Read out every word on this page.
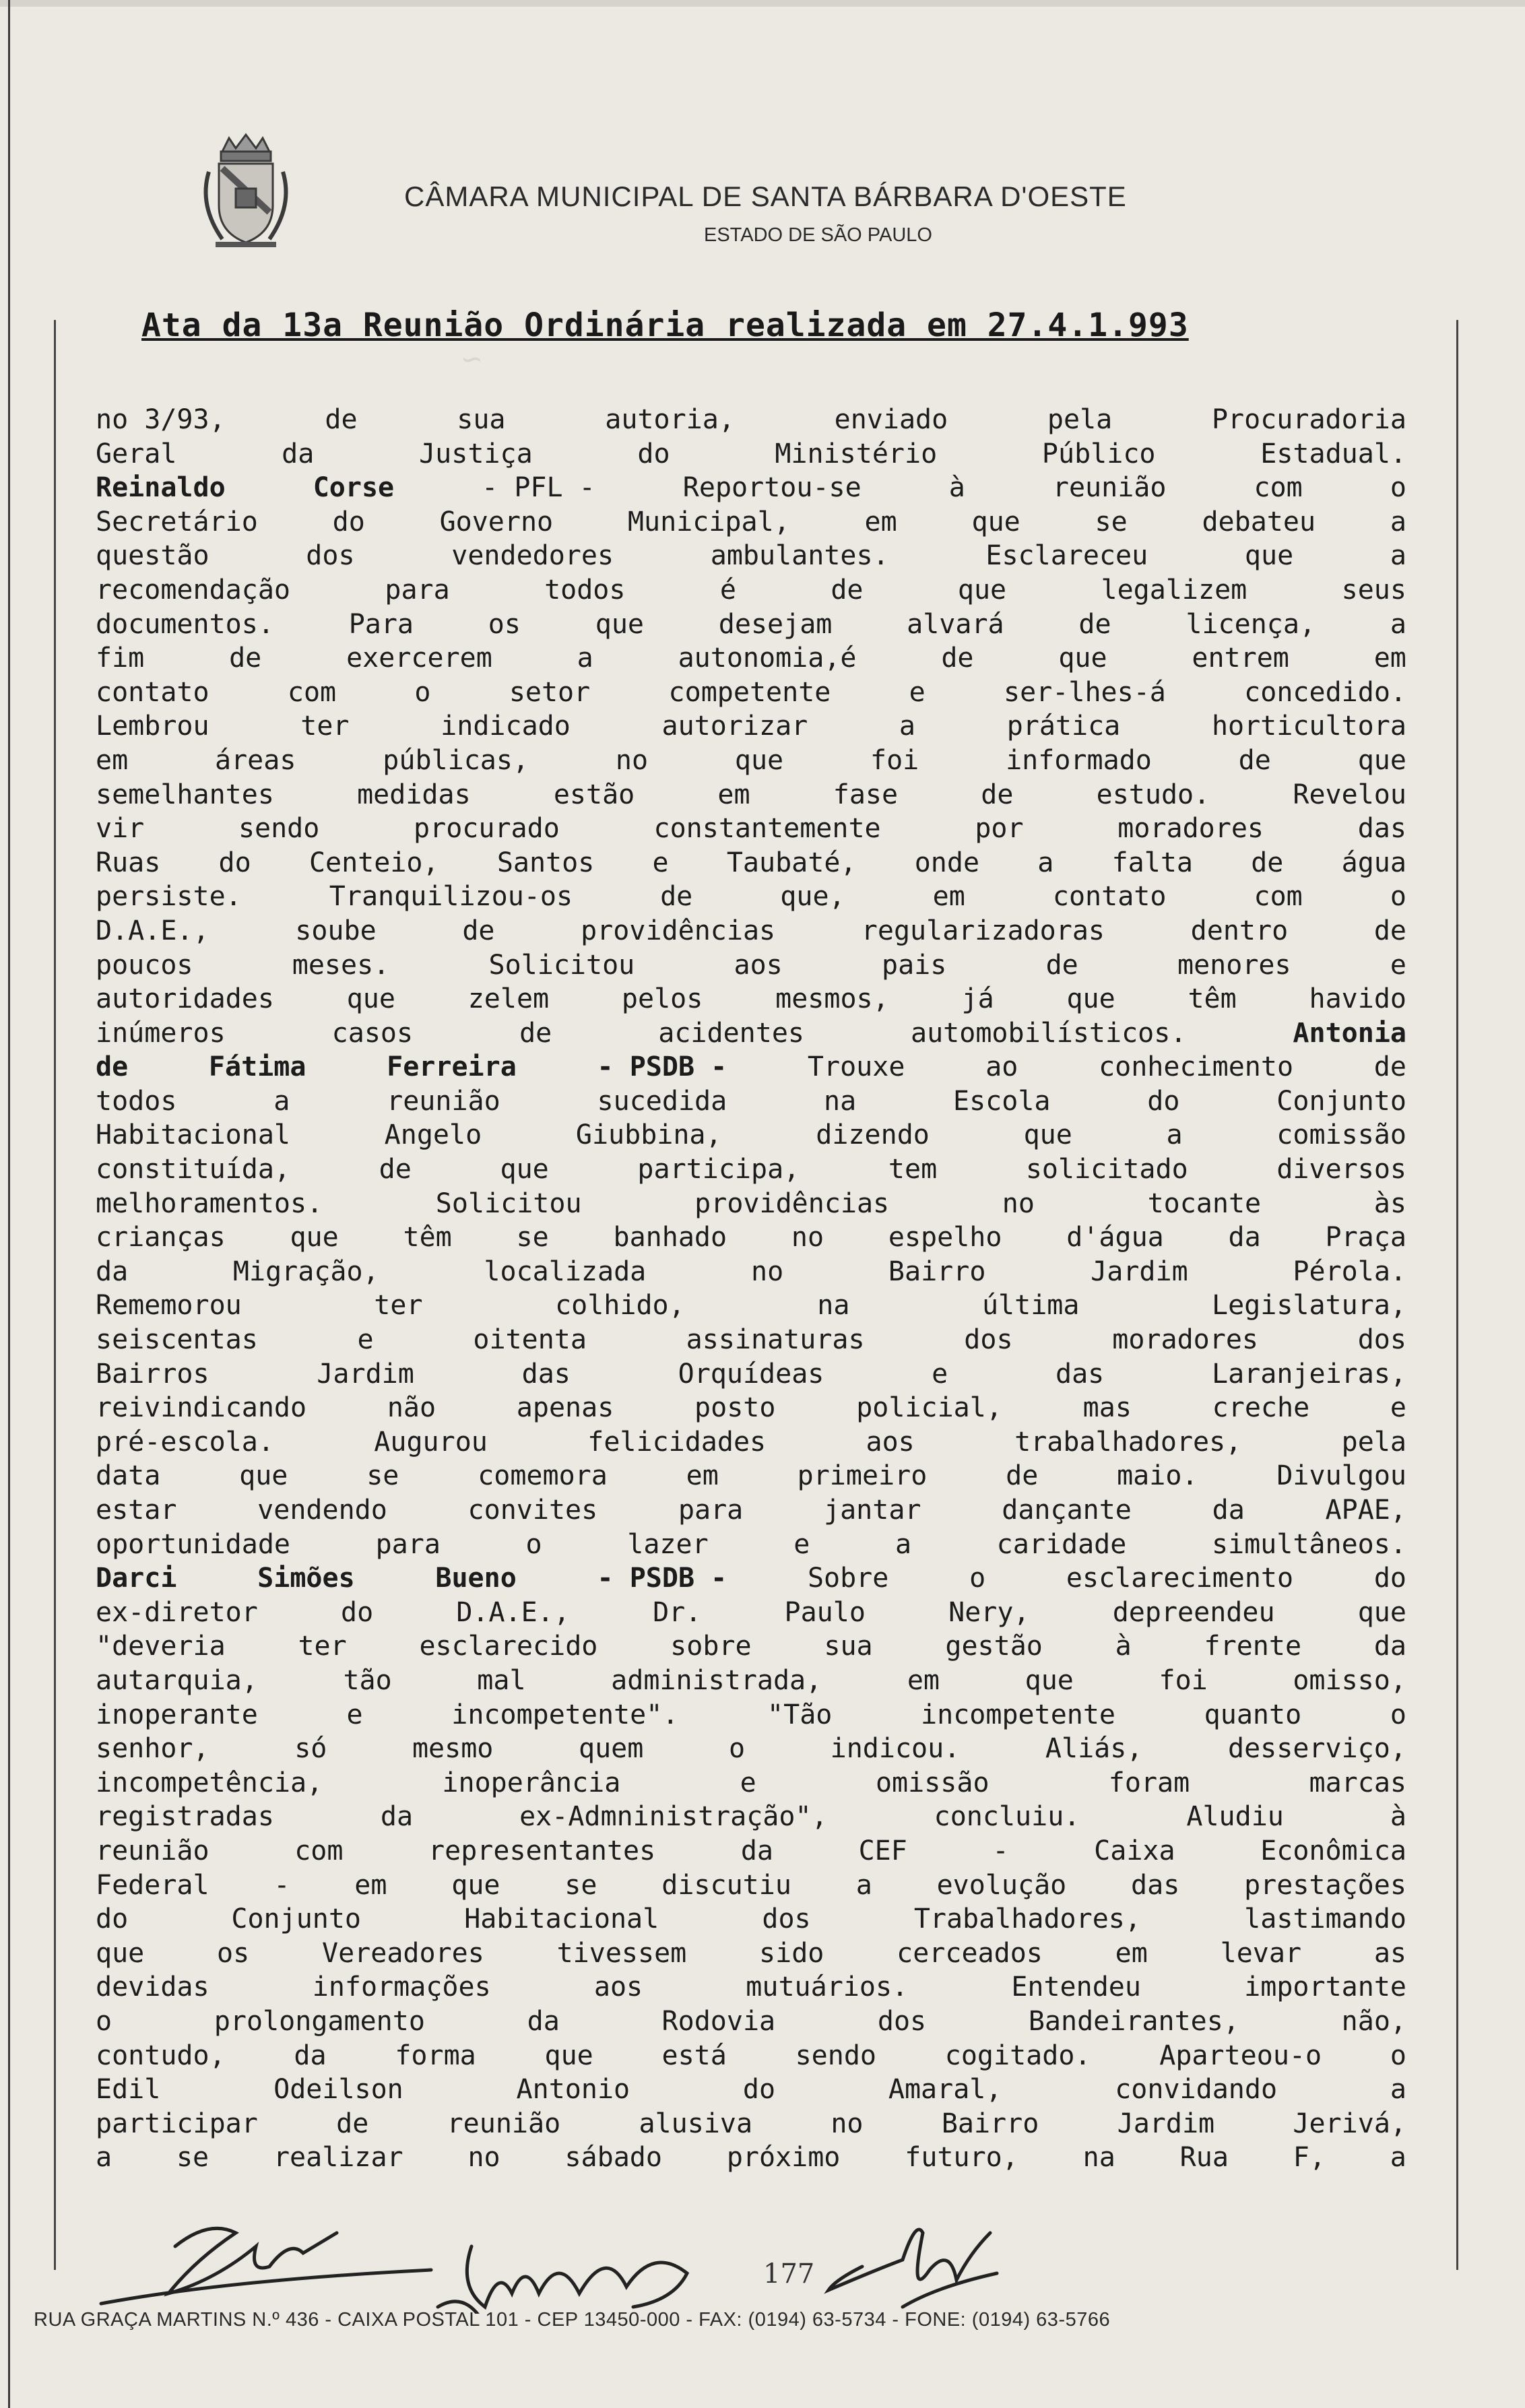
CÂMARA MUNICIPAL DE SANTA BÁRBARA D'OESTE
ESTADO DE SÃO PAULO
~
Ata da 13a Reunião Ordinária realizada em 27.4.1.993
no 3/93,	de	sua	autoria,	enviado	pela	Procuradoria
Geral	da	Justiça	do	Ministério	Público	Estadual.
Reinaldo	Corse	- PFL -	Reportou-se	à	reunião	com	o
Secretário	do	Governo	Municipal,	em	que	se	debateu	a
questão	dos	vendedores	ambulantes.	Esclareceu	que	a
recomendação	para	todos	é	de	que	legalizem	seus
documentos.	Para	os	que	desejam	alvará	de	licença,	a
fim	de	exercerem	a	autonomia,é	de	que	entrem	em
contato	com	o	setor	competente	e	ser-lhes-á	concedido.
Lembrou	ter	indicado	autorizar	a	prática	horticultora
em	áreas	públicas,	no	que	foi	informado	de	que
semelhantes	medidas	estão	em	fase	de	estudo.	Revelou
vir	sendo	procurado	constantemente	por	moradores	das
Ruas do Centeio, Santos e Taubaté, onde a falta de água
persiste.	Tranquilizou-os	de	que,	em	contato	com	o
D.A.E.,	soube	de	providências	regularizadoras	dentro	de
poucos	meses.	Solicitou	aos	pais	de	menores	e
autoridades	que	zelem	pelos	mesmos,	já	que	têm	havido
inúmeros	casos	de	acidentes	automobilísticos.	Antonia
de	Fátima	Ferreira	- PSDB -	Trouxe	ao	conhecimento	de
todos	a	reunião	sucedida	na	Escola	do	Conjunto
Habitacional	Angelo	Giubbina,	dizendo	que	a	comissão
constituída,	de	que	participa,	tem	solicitado	diversos
melhoramentos.	Solicitou	providências	no	tocante	às
crianças que têm se banhado no espelho d'água da Praça
da	Migração,	localizada	no	Bairro	Jardim	Pérola.
Rememorou	ter	colhido,	na	última	Legislatura,
seiscentas	e	oitenta	assinaturas	dos	moradores	dos
Bairros	Jardim	das	Orquídeas	e	das	Laranjeiras,
reivindicando	não	apenas	posto	policial,	mas	creche	e
pré-escola.	Augurou	felicidades	aos	trabalhadores,	pela
data	que	se	comemora	em	primeiro	de	maio.	Divulgou
estar	vendendo	convites	para	jantar	dançante	da	APAE,
oportunidade	para	o	lazer	e	a	caridade	simultâneos.
Darci	Simões	Bueno	- PSDB -	Sobre	o	esclarecimento	do
ex-diretor	do	D.A.E.,	Dr.	Paulo	Nery,	depreendeu	que
"deveria	ter	esclarecido	sobre	sua	gestão	à	frente	da
autarquia,	tão	mal	administrada,	em	que	foi	omisso,
inoperante	e	incompetente".	"Tão	incompetente	quanto	o
senhor,	só	mesmo	quem	o	indicou.	Aliás,	desserviço,
incompetência,	inoperância	e	omissão	foram	marcas
registradas	da	ex-Admninistração",	concluiu.	Aludiu	à
reunião	com	representantes	da	CEF	-	Caixa	Econômica
Federal - em que se discutiu a evolução das prestações
do	Conjunto	Habitacional	dos	Trabalhadores,	lastimando
que	os	Vereadores	tivessem	sido	cerceados	em	levar	as
devidas	informações	aos	mutuários.	Entendeu	importante
o	prolongamento	da	Rodovia	dos	Bandeirantes,	não,
contudo,	da	forma	que	está	sendo	cogitado.	Aparteou-o	o
Edil	Odeilson	Antonio	do	Amaral,	convidando	a
participar	de	reunião	alusiva	no	Bairro	Jardim	Jerivá,
a se realizar no sábado próximo futuro, na Rua F, a
177
RUA GRAÇA MARTINS N.º 436 - CAIXA POSTAL 101 - CEP 13450-000 - FAX: (0194) 63-5734 - FONE: (0194) 63-5766
